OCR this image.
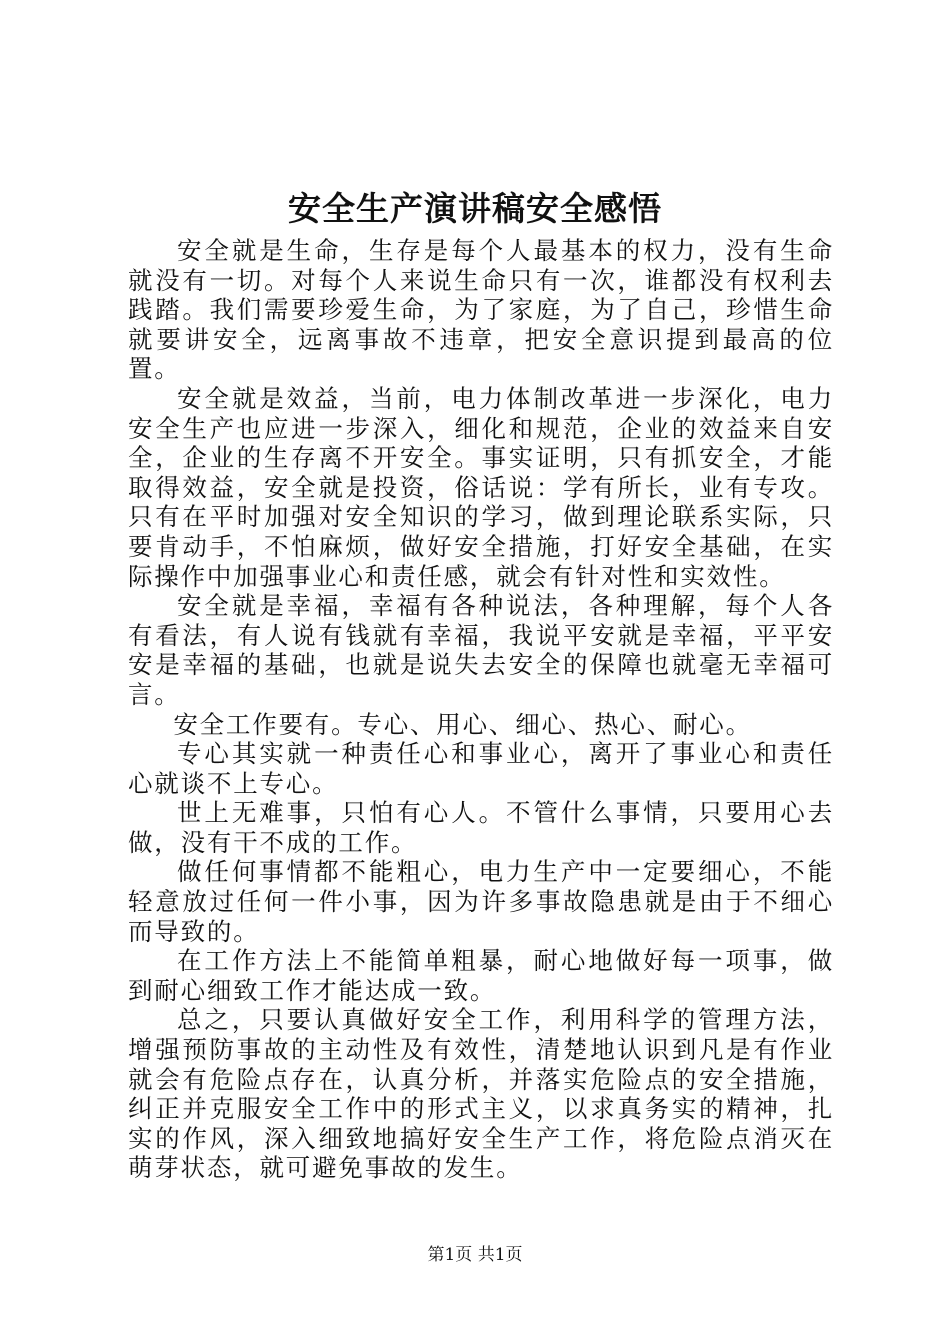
安全生产演讲稿安全感悟

安全就是生命，生存是每个人最基本的权力，没有生命就没有一切。对每个人来说生命只有一次，谁都没有权利去践踏。我们需要珍爱生命，为了家庭，为了自己，珍惜生命就要讲安全，远离事故不违章，把安全意识提到最高的位置。

安全就是效益，当前，电力体制改革进一步深化，电力安全生产也应进一步深入，细化和规范，企业的效益来自安全，企业的生存离不开安全。事实证明，只有抓安全，才能取得效益，安全就是投资，俗话说：学有所长，业有专攻。只有在平时加强对安全知识的学习，做到理论联系实际，只要肯动手，不怕麻烦，做好安全措施，打好安全基础，在实际操作中加强事业心和责任感，就会有针对性和实效性。

安全就是幸福，幸福有各种说法，各种理解，每个人各有看法，有人说有钱就有幸福，我说平安就是幸福，平平安安是幸福的基础，也就是说失去安全的保障也就毫无幸福可言。

安全工作要有。专心、用心、细心、热心、耐心。

专心其实就一种责任心和事业心，离开了事业心和责任心就谈不上专心。

世上无难事，只怕有心人。不管什么事情，只要用心去做，没有干不成的工作。

做任何事情都不能粗心，电力生产中一定要细心，不能轻意放过任何一件小事，因为许多事故隐患就是由于不细心而导致的。

在工作方法上不能简单粗暴，耐心地做好每一项事，做到耐心细致工作才能达成一致。

总之，只要认真做好安全工作，利用科学的管理方法，增强预防事故的主动性及有效性，清楚地认识到凡是有作业就会有危险点存在，认真分析，并落实危险点的安全措施，纠正并克服安全工作中的形式主义，以求真务实的精神，扎实的作风，深入细致地搞好安全生产工作，将危险点消灭在萌芽状态，就可避免事故的发生。

第1页 共1页
